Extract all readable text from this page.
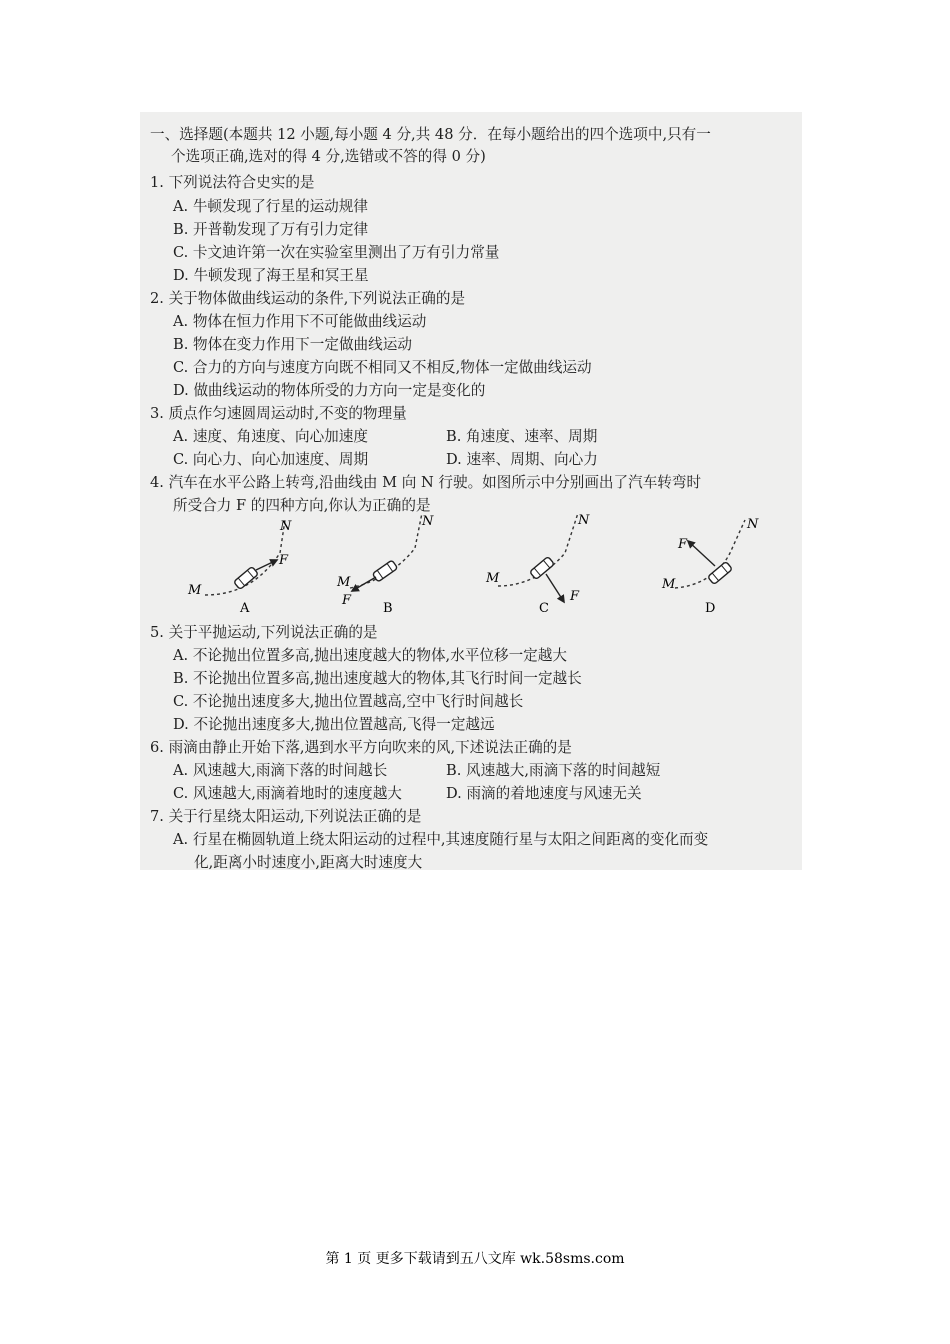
一、选择题(本题共 12 小题,每小题 4 分,共 48 分．在每小题给出的四个选项中,只有一
个选项正确,选对的得 4 分,选错或不答的得 0 分)
1. 下列说法符合史实的是
A. 牛顿发现了行星的运动规律
B. 开普勒发现了万有引力定律
C. 卡文迪许第一次在实验室里测出了万有引力常量
D. 牛顿发现了海王星和冥王星
2. 关于物体做曲线运动的条件,下列说法正确的是
A. 物体在恒力作用下不可能做曲线运动
B. 物体在变力作用下一定做曲线运动
C. 合力的方向与速度方向既不相同又不相反,物体一定做曲线运动
D. 做曲线运动的物体所受的力方向一定是变化的
3. 质点作匀速圆周运动时,不变的物理量
A. 速度、角速度、向心加速度	B. 角速度、速率、周期
C. 向心力、向心加速度、周期	D. 速率、周期、向心力
4. 汽车在水平公路上转弯,沿曲线由 M 向 N 行驶。如图所示中分别画出了汽车转弯时
所受合力 F 的四种方向,你认为正确的是
M
N
F
A
M
N
F
B
M
N
F
C
M
N
F
D
5. 关于平抛运动,下列说法正确的是
A. 不论抛出位置多高,抛出速度越大的物体,水平位移一定越大
B. 不论抛出位置多高,抛出速度越大的物体,其飞行时间一定越长
C. 不论抛出速度多大,抛出位置越高,空中飞行时间越长
D. 不论抛出速度多大,抛出位置越高,飞得一定越远
6. 雨滴由静止开始下落,遇到水平方向吹来的风,下述说法正确的是
A. 风速越大,雨滴下落的时间越长	B. 风速越大,雨滴下落的时间越短
C. 风速越大,雨滴着地时的速度越大	D. 雨滴的着地速度与风速无关
7. 关于行星绕太阳运动,下列说法正确的是
A. 行星在椭圆轨道上绕太阳运动的过程中,其速度随行星与太阳之间距离的变化而变
化,距离小时速度小,距离大时速度大
第 1 页 更多下载请到五八文库 wk.58sms.com
